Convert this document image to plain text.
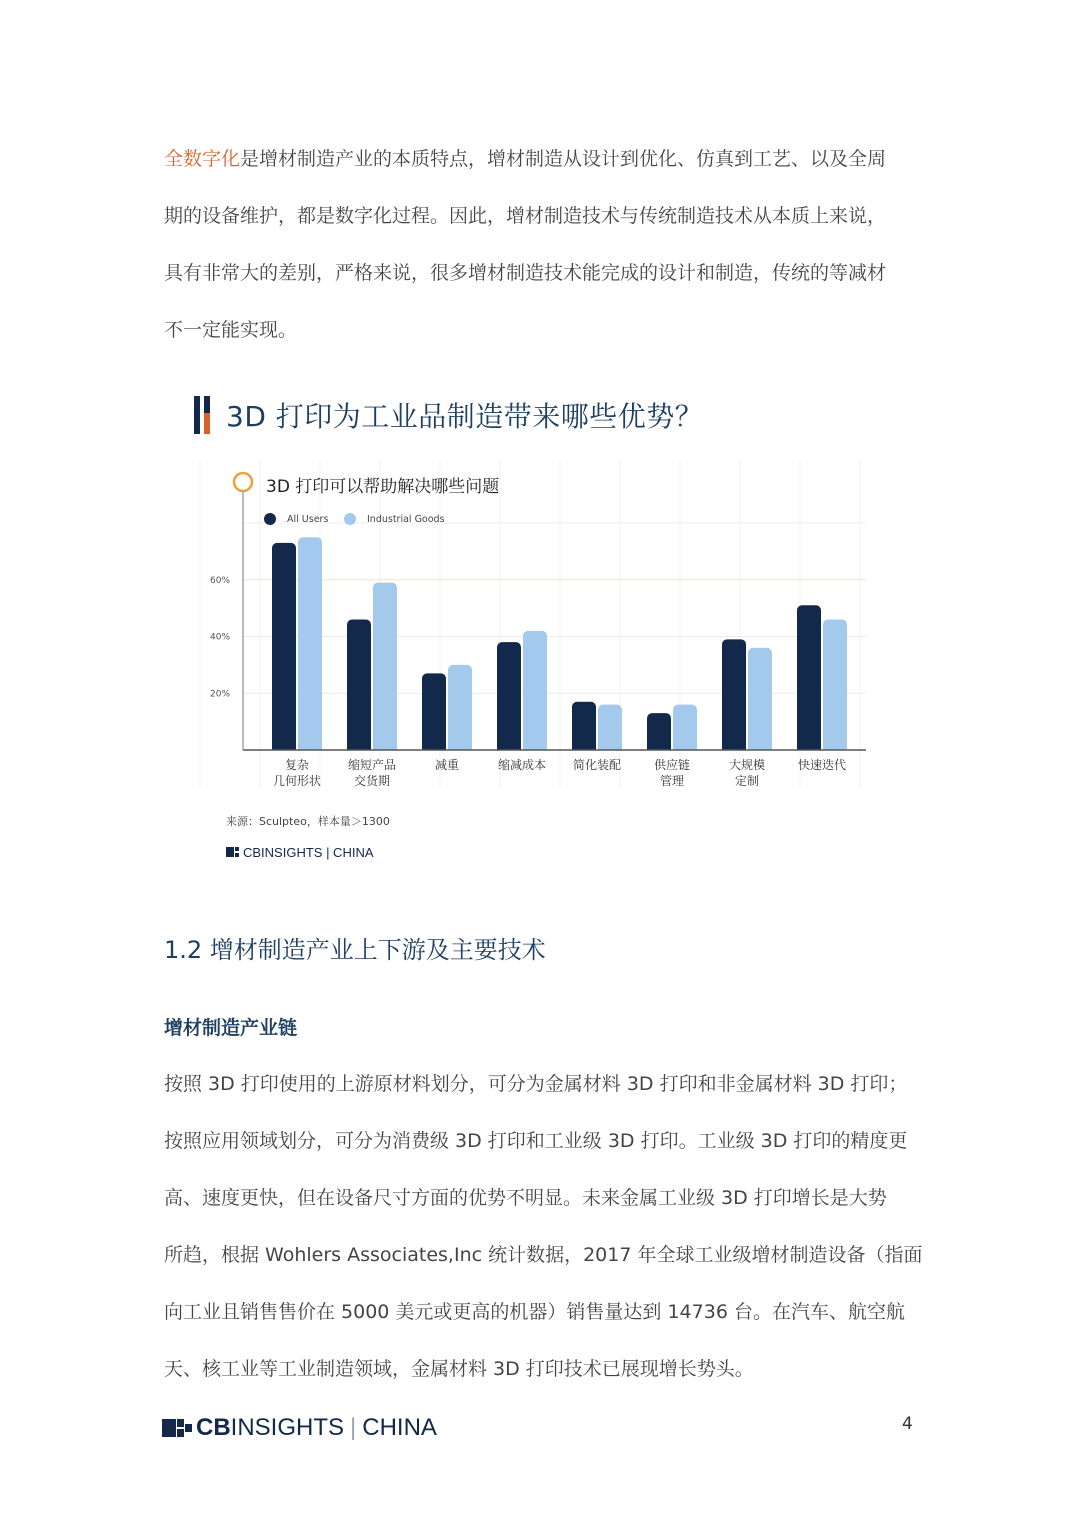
全数字化是增材制造产业的本质特点，增材制造从设计到优化、仿真到工艺、以及全周
期的设备维护，都是数字化过程。因此，增材制造技术与传统制造技术从本质上来说，
具有非常大的差别，严格来说，很多增材制造技术能完成的设计和制造，传统的等减材
不一定能实现。
3D 打印为工业品制造带来哪些优势？
20%
40%
60%
复杂
几何形状
缩短产品
交货期
减重	缩减成本 简化装配	供应链
管理
大规模
定制
快速迭代
3D 打印可以帮助解决哪些问题
All Users	Industrial Goods
来源：Sculpteo，样本量＞1300
CBINSIGHTS | CHINA
1.2 增材制造产业上下游及主要技术
增材制造产业链
按照 3D 打印使用的上游原材料划分，可分为金属材料 3D 打印和非金属材料 3D 打印；
按照应用领域划分，可分为消费级 3D 打印和工业级 3D 打印。工业级 3D 打印的精度更
高、速度更快，但在设备尺寸方面的优势不明显。未来金属工业级 3D 打印增长是大势
所趋，根据 Wohlers Associates,Inc 统计数据，2017 年全球工业级增材制造设备（指面
向工业且销售售价在 5000 美元或更高的机器）销售量达到 14736 台。在汽车、航空航
天、核工业等工业制造领域，金属材料 3D 打印技术已展现增长势头。
CB INSIGHTS | CHINA	4
